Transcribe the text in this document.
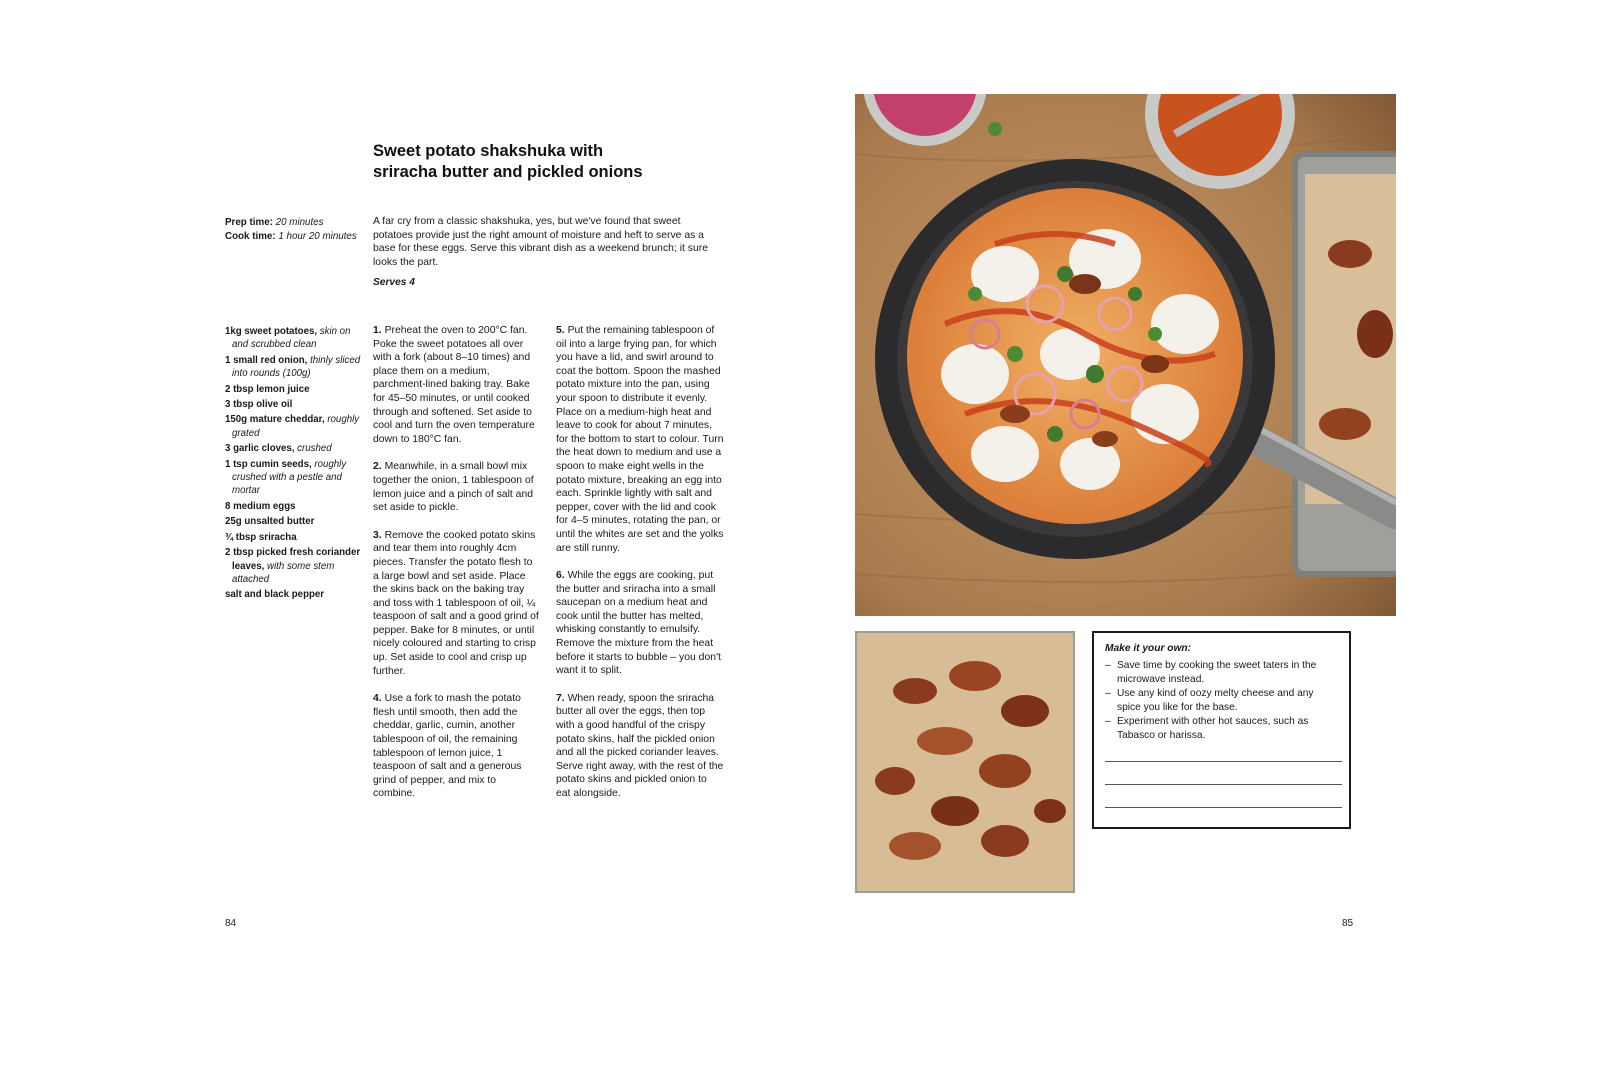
Sweet potato shakshuka with
sriracha butter and pickled onions
Prep time: 20 minutes
Cook time: 1 hour 20 minutes

A far cry from a classic shakshuka, yes, but we've found that sweet potatoes provide just the right amount of moisture and heft to serve as a base for these eggs. Serve this vibrant dish as a weekend brunch; it sure looks the part.

Serves 4
1kg sweet potatoes, skin on and scrubbed clean
1 small red onion, thinly sliced into rounds (100g)
2 tbsp lemon juice
3 tbsp olive oil
150g mature cheddar, roughly grated
3 garlic cloves, crushed
1 tsp cumin seeds, roughly crushed with a pestle and mortar
8 medium eggs
25g unsalted butter
¾ tbsp sriracha
2 tbsp picked fresh coriander leaves, with some stem attached
salt and black pepper

1. Preheat the oven to 200°C fan. Poke the sweet potatoes all over with a fork (about 8–10 times) and place them on a medium, parchment-lined baking tray. Bake for 45–50 minutes, or until cooked through and softened. Set aside to cool and turn the oven temperature down to 180°C fan.

2. Meanwhile, in a small bowl mix together the onion, 1 tablespoon of lemon juice and a pinch of salt and set aside to pickle.

3. Remove the cooked potato skins and tear them into roughly 4cm pieces. Transfer the potato flesh to a large bowl and set aside. Place the skins back on the baking tray and toss with 1 tablespoon of oil, ¼ teaspoon of salt and a good grind of pepper. Bake for 8 minutes, or until nicely coloured and starting to crisp up. Set aside to cool and crisp up further.

4. Use a fork to mash the potato flesh until smooth, then add the cheddar, garlic, cumin, another tablespoon of oil, the remaining tablespoon of lemon juice, 1 teaspoon of salt and a generous grind of pepper, and mix to combine.

5. Put the remaining tablespoon of oil into a large frying pan, for which you have a lid, and swirl around to coat the bottom. Spoon the mashed potato mixture into the pan, using your spoon to distribute it evenly. Place on a medium-high heat and leave to cook for about 7 minutes, for the bottom to start to colour. Turn the heat down to medium and use a spoon to make eight wells in the potato mixture, breaking an egg into each. Sprinkle lightly with salt and pepper, cover with the lid and cook for 4–5 minutes, rotating the pan, or until the whites are set and the yolks are still runny.

6. While the eggs are cooking, put the butter and sriracha into a small saucepan on a medium heat and cook until the butter has melted, whisking constantly to emulsify. Remove the mixture from the heat before it starts to bubble – you don't want it to split.

7. When ready, spoon the sriracha butter all over the eggs, then top with a good handful of the crispy potato skins, half the pickled onion and all the picked coriander leaves. Serve right away, with the rest of the potato skins and pickled onion to eat alongside.

84
Make it your own:
– Save time by cooking the sweet taters in the microwave instead.
– Use any kind of oozy melty cheese and any spice you like for the base.
– Experiment with other hot sauces, such as Tabasco or harissa.
85
